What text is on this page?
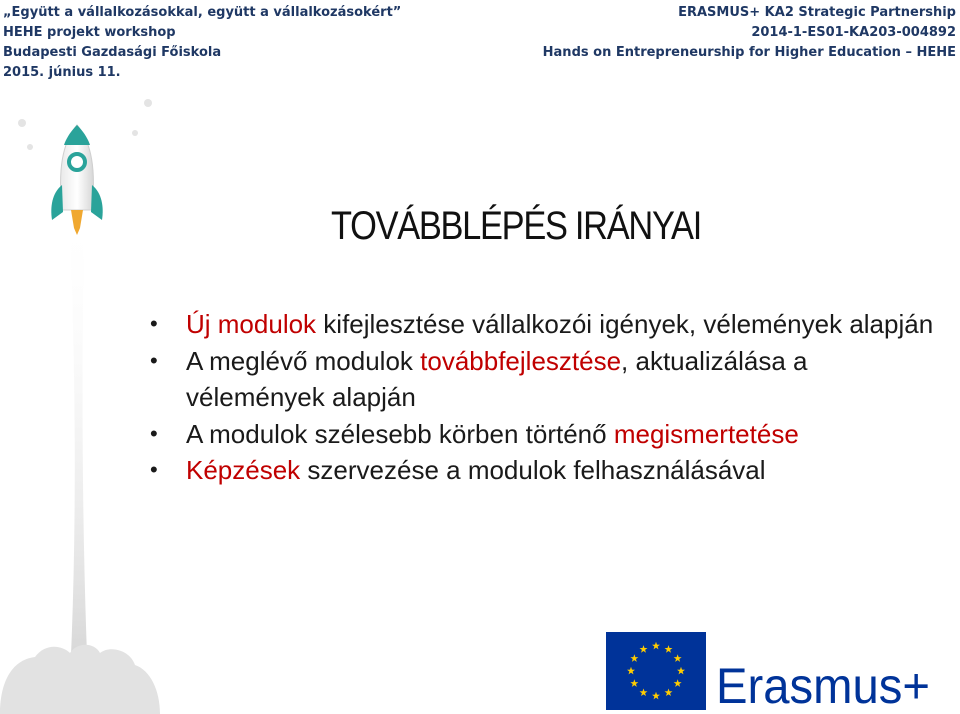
„Együtt a vállalkozásokkal, együtt a vállalkozásokért”
HEHE projekt workshop
Budapesti Gazdasági Főiskola
2015. június 11.
ERASMUS+ KA2 Strategic Partnership
2014-1-ES01-KA203-004892
Hands on Entrepreneurship for Higher Education – HEHE
TOVÁBBLÉPÉS IRÁNYAI
• Új modulok kifejlesztése vállalkozói igények, vélemények alapján
• A meglévő modulok továbbfejlesztése, aktualizálása a vélemények alapján
• A modulok szélesebb körben történő megismertetése
• Képzések szervezése a modulok felhasználásával
Erasmus+
